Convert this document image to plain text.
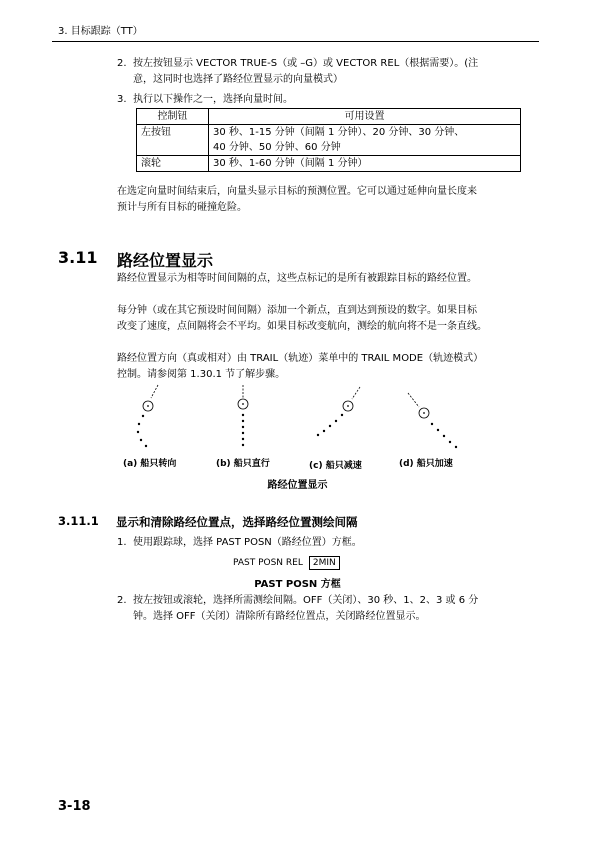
3. 目标跟踪（TT）
2. 按左按钮显示 VECTOR TRUE-S（或 –G）或 VECTOR REL（根据需要）。(注
意，这同时也选择了路经位置显示的向量模式）
3. 执行以下操作之一，选择向量时间。
控制钮	可用设置
左按钮	30 秒、1-15 分钟（间隔 1 分钟）、20 分钟、30 分钟、
40 分钟、50 分钟、60 分钟

滚轮	30 秒、1-60 分钟（间隔 1 分钟）
在选定向量时间结束后，向量头显示目标的预测位置。它可以通过延伸向量长度来
预计与所有目标的碰撞危险。
3.11 路经位置显示
路经位置显示为相等时间间隔的点，这些点标记的是所有被跟踪目标的路经位置。
每分钟（或在其它预设时间间隔）添加一个新点，直到达到预设的数字。如果目标
改变了速度，点间隔将会不平均。如果目标改变航向，测绘的航向将不是一条直线。
路经位置方向（真或相对）由 TRAIL（轨迹）菜单中的 TRAIL MODE（轨迹模式）
控制。请参阅第 1.30.1 节了解步骤。
(a) 船只转向	(b) 船只直行	(c) 船只减速	(d) 船只加速
路经位置显示
3.11.1 显示和清除路经位置点，选择路经位置测绘间隔
1. 使用跟踪球，选择 PAST POSN（路经位置）方框。
PAST POSN REL 2MIN
PAST POSN 方框
2. 按左按钮或滚轮，选择所需测绘间隔。OFF（关闭）、30 秒、1、2、3 或 6 分
钟。选择 OFF（关闭）清除所有路经位置点，关闭路经位置显示。
3-18
